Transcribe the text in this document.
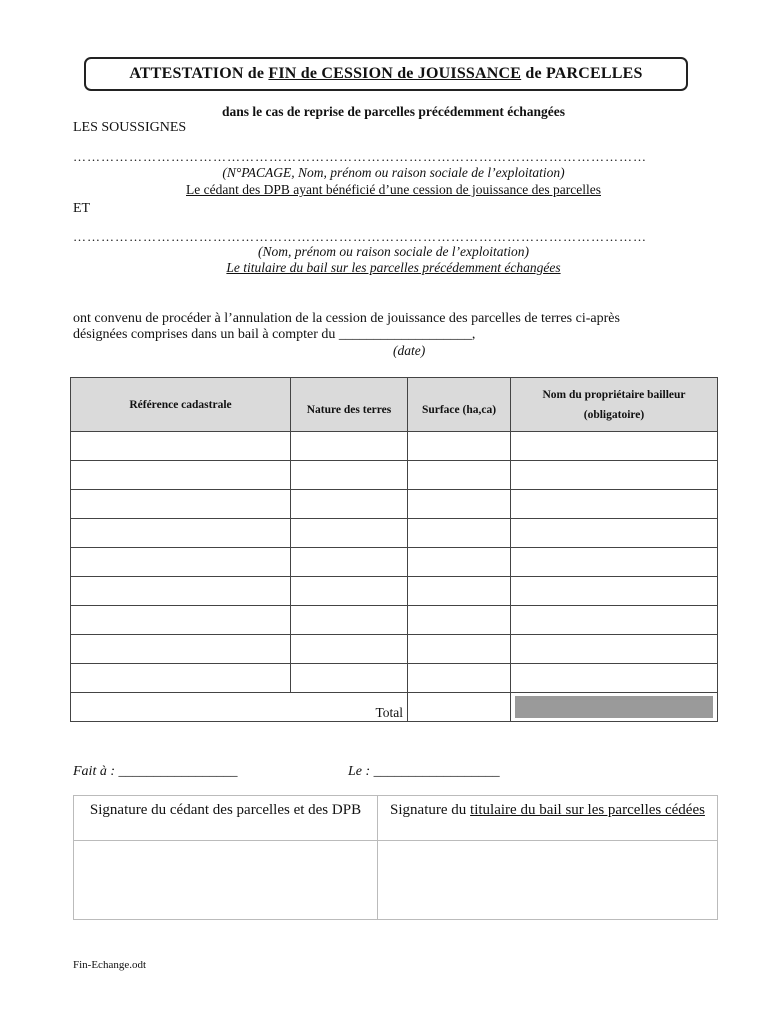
ATTESTATION de
FIN de CESSION de JOUISSANCE
de PARCELLES
dans le cas de reprise de parcelles précédemment échangées
LES SOUSSIGNES
……………………………………………………………………………………………………………
(N°PACAGE, Nom, prénom ou raison sociale de l’exploitation)
Le cédant des DPB ayant bénéficié d’une cession de jouissance des parcelles
ET
……………………………………………………………………………………………………………
(Nom, prénom ou raison sociale de l’exploitation)
Le titulaire du bail sur les parcelles précédemment échangées
ont convenu de procéder à l’annulation de la cession de jouissance des parcelles de terres ci-après
désignées comprises dans un bail à compter du ___________________,
(date)
Référence cadastrale	Nature des terres	Surface (ha,ca)	Nom du propriétaire bailleur
(obligatoire)

Total			
Fait à : _________________	Le : __________________
Signature du cédant des parcelles et des DPB	Signature du titulaire du bail sur les parcelles cédées

Fin-Echange.odt
